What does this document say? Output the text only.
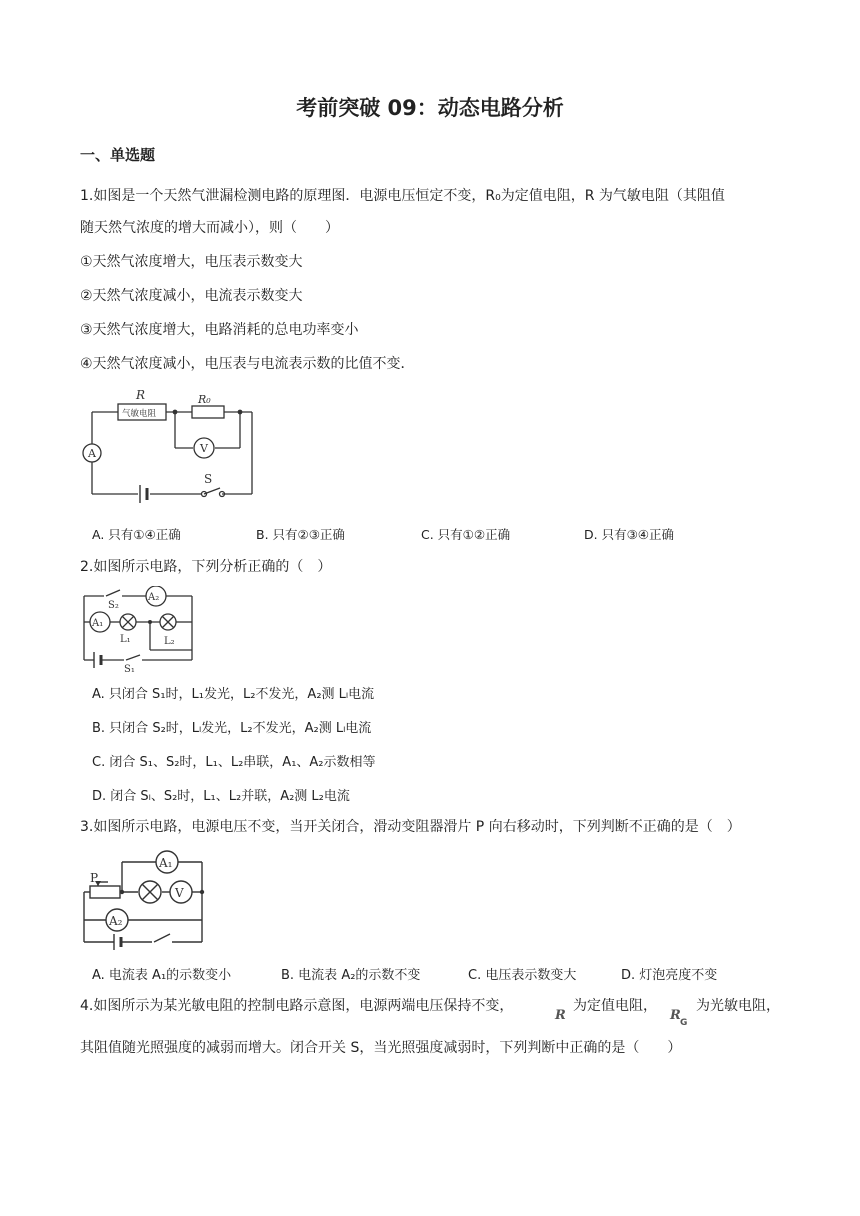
考前突破 09：动态电路分析
一、单选题
1.如图是一个天然气泄漏检测电路的原理图．电源电压恒定不变，R₀为定值电阻，R 为气敏电阻（其阻值
随天然气浓度的增大而减小），则（　　）
①天然气浓度增大，电压表示数变大
②天然气浓度减小，电流表示数变大
③天然气浓度增大，电路消耗的总电功率变小
④天然气浓度减小，电压表与电流表示数的比值不变．
R
气敏电阻
R₀
A	V
S
A. 只有①④正确	B. 只有②③正确	C. 只有①②正确	D. 只有③④正确
2.如图所示电路，下列分析正确的（　）
S₂
A₂
A₁
L₁	L₂
S₁
A. 只闭合 S₁时，L₁发光，L₂不发光，A₂测 Lₗ电流
B. 只闭合 S₂时，Lₗ发光，L₂不发光，A₂测 Lₗ电流
C. 闭合 S₁、S₂时，L₁、L₂串联，A₁、A₂示数相等
D. 闭合 Sₗ、S₂时，L₁、L₂并联，A₂测 L₂电流
3.如图所示电路，电源电压不变，当开关闭合，滑动变阻器滑片 P 向右移动时，下列判断不正确的是（　）
A₁
V
A₂
P
A. 电流表 A₁的示数变小	B. 电流表 A₂的示数不变	C. 电压表示数变大	D. 灯泡亮度不变
4.如图所示为某光敏电阻的控制电路示意图，电源两端电压保持不变，
R
为定值电阻，
R G
为光敏电阻，
其阻值随光照强度的减弱而增大。闭合开关 S，当光照强度减弱时，下列判断中正确的是（　　）
